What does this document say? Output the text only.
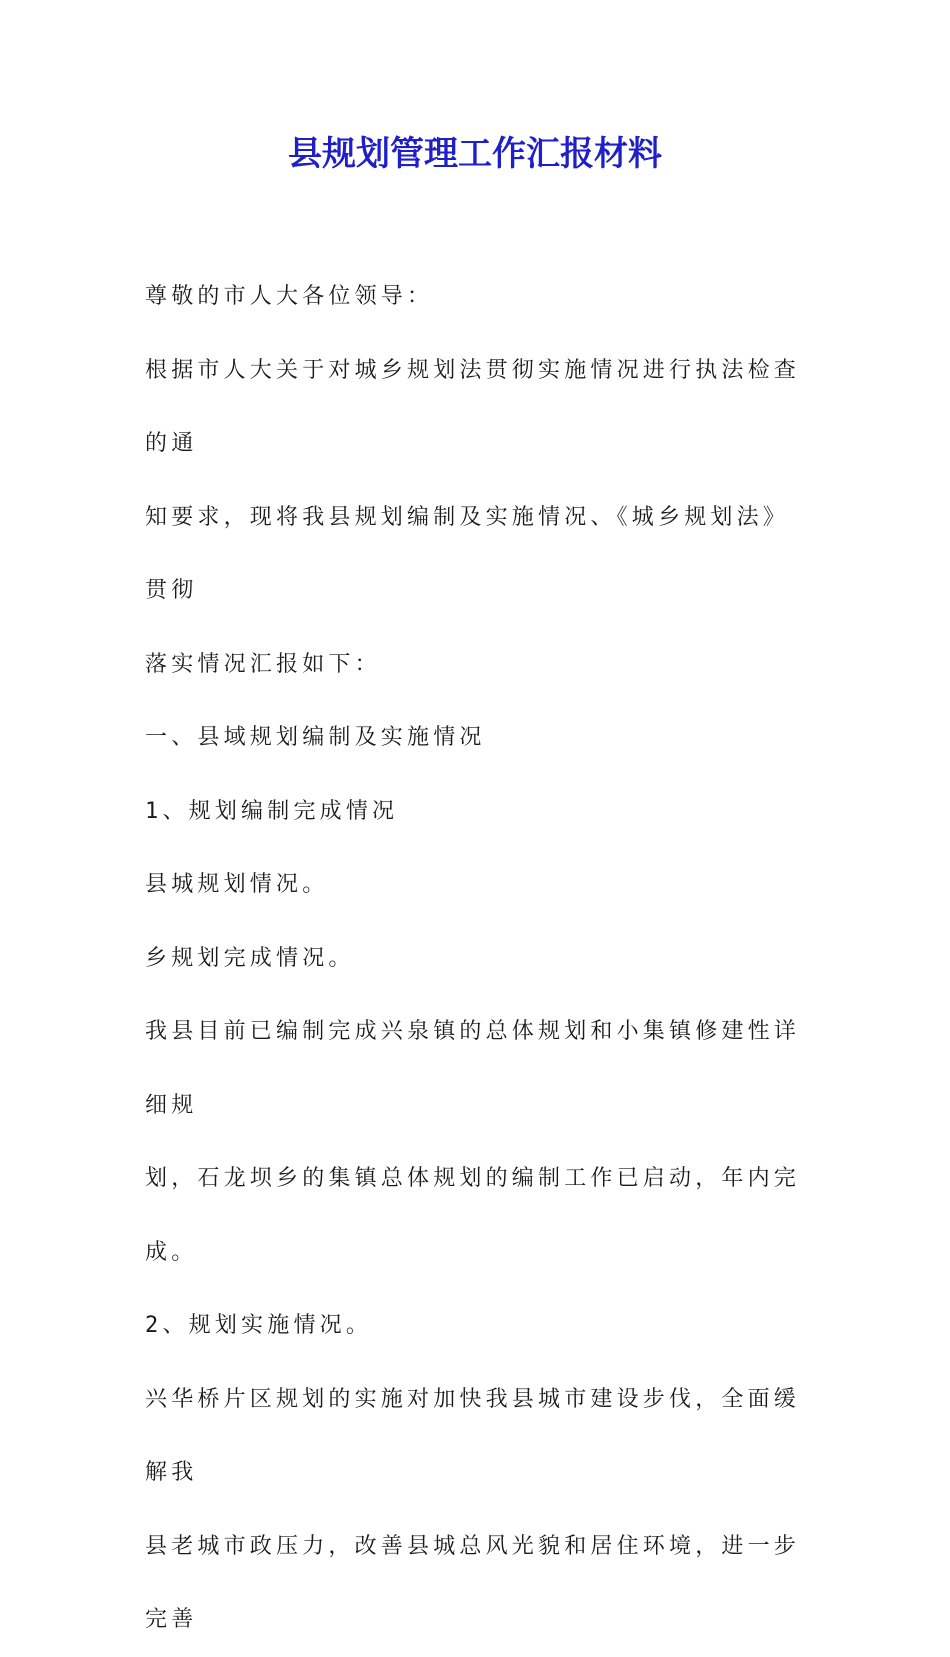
县规划管理工作汇报材料

尊敬的市人大各位领导：

根据市人大关于对城乡规划法贯彻实施情况进行执法检查的通

知要求，现将我县规划编制及实施情况、《城乡规划法》贯彻

落实情况汇报如下：

一、县域规划编制及实施情况

1、规划编制完成情况

县城规划情况。

乡规划完成情况。

我县目前已编制完成兴泉镇的总体规划和小集镇修建性详细规

划，石龙坝乡的集镇总体规划的编制工作已启动，年内完成。

2、规划实施情况。

兴华桥片区规划的实施对加快我县城市建设步伐，全面缓解我

县老城市政压力，改善县城总风光貌和居住环境，进一步完善
